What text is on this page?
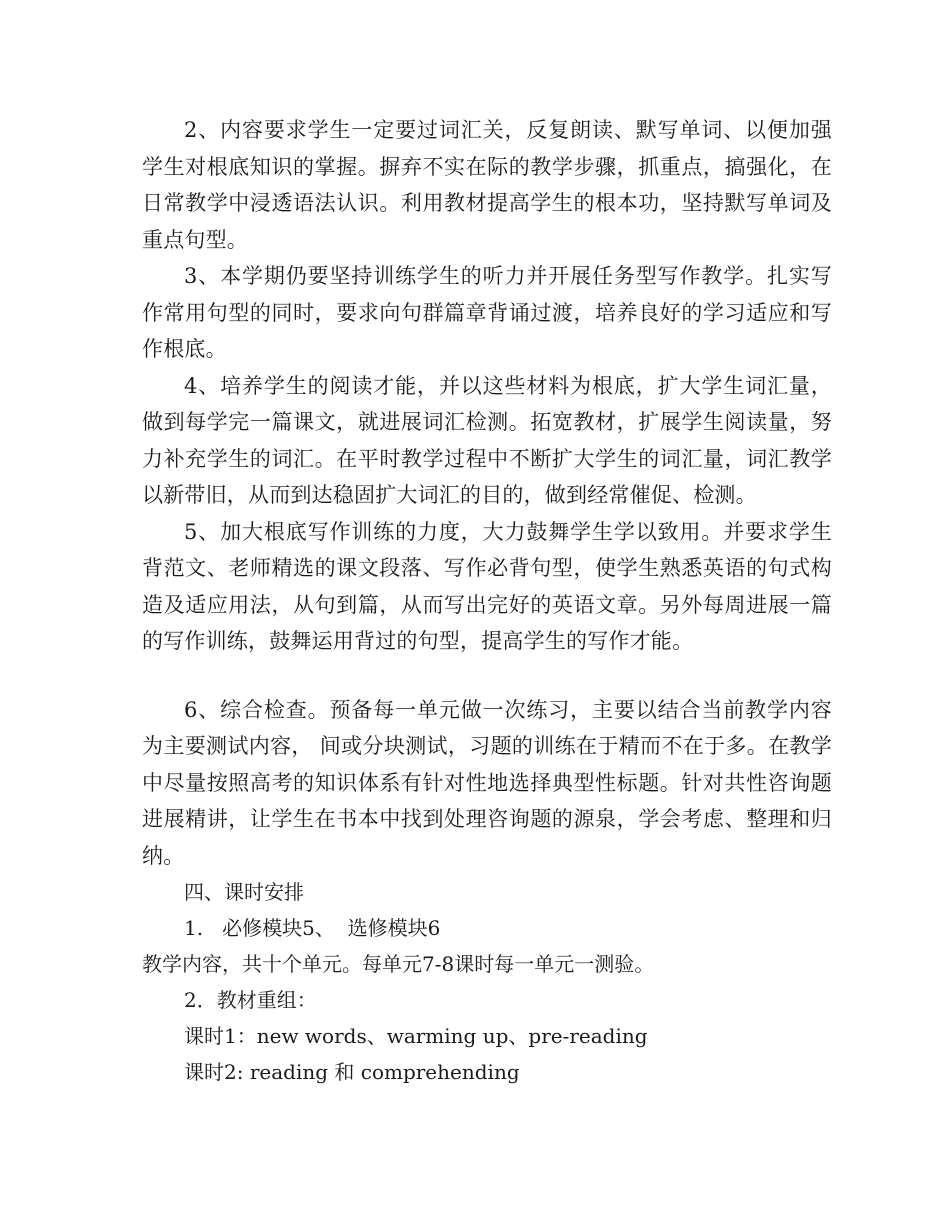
2、内容要求学生一定要过词汇关，反复朗读、默写单词、以便加强学生对根底知识的掌握。摒弃不实在际的教学步骤，抓重点，搞强化，在日常教学中浸透语法认识。利用教材提高学生的根本功，坚持默写单词及重点句型。

3、本学期仍要坚持训练学生的听力并开展任务型写作教学。扎实写作常用句型的同时，要求向句群篇章背诵过渡，培养良好的学习适应和写作根底。

4、培养学生的阅读才能，并以这些材料为根底，扩大学生词汇量，做到每学完一篇课文，就进展词汇检测。拓宽教材，扩展学生阅读量，努力补充学生的词汇。在平时教学过程中不断扩大学生的词汇量，词汇教学以新带旧，从而到达稳固扩大词汇的目的，做到经常催促、检测。

5、加大根底写作训练的力度，大力鼓舞学生学以致用。并要求学生背范文、老师精选的课文段落、写作必背句型，使学生熟悉英语的句式构造及适应用法，从句到篇，从而写出完好的英语文章。另外每周进展一篇的写作训练，鼓舞运用背过的句型，提高学生的写作才能。

6、综合检查。预备每一单元做一次练习，主要以结合当前教学内容为主要测试内容， 间或分块测试，习题的训练在于精而不在于多。在教学中尽量按照高考的知识体系有针对性地选择典型性标题。针对共性咨询题进展精讲，让学生在书本中找到处理咨询题的源泉，学会考虑、整理和归纳。

四、课时安排

1.   必修模块5、  选修模块6

教学内容，共十个单元。每单元7-8课时每一单元一测验。

2．教材重组：

课时1：new words、warming up、pre-reading

课时2: reading 和 comprehending
